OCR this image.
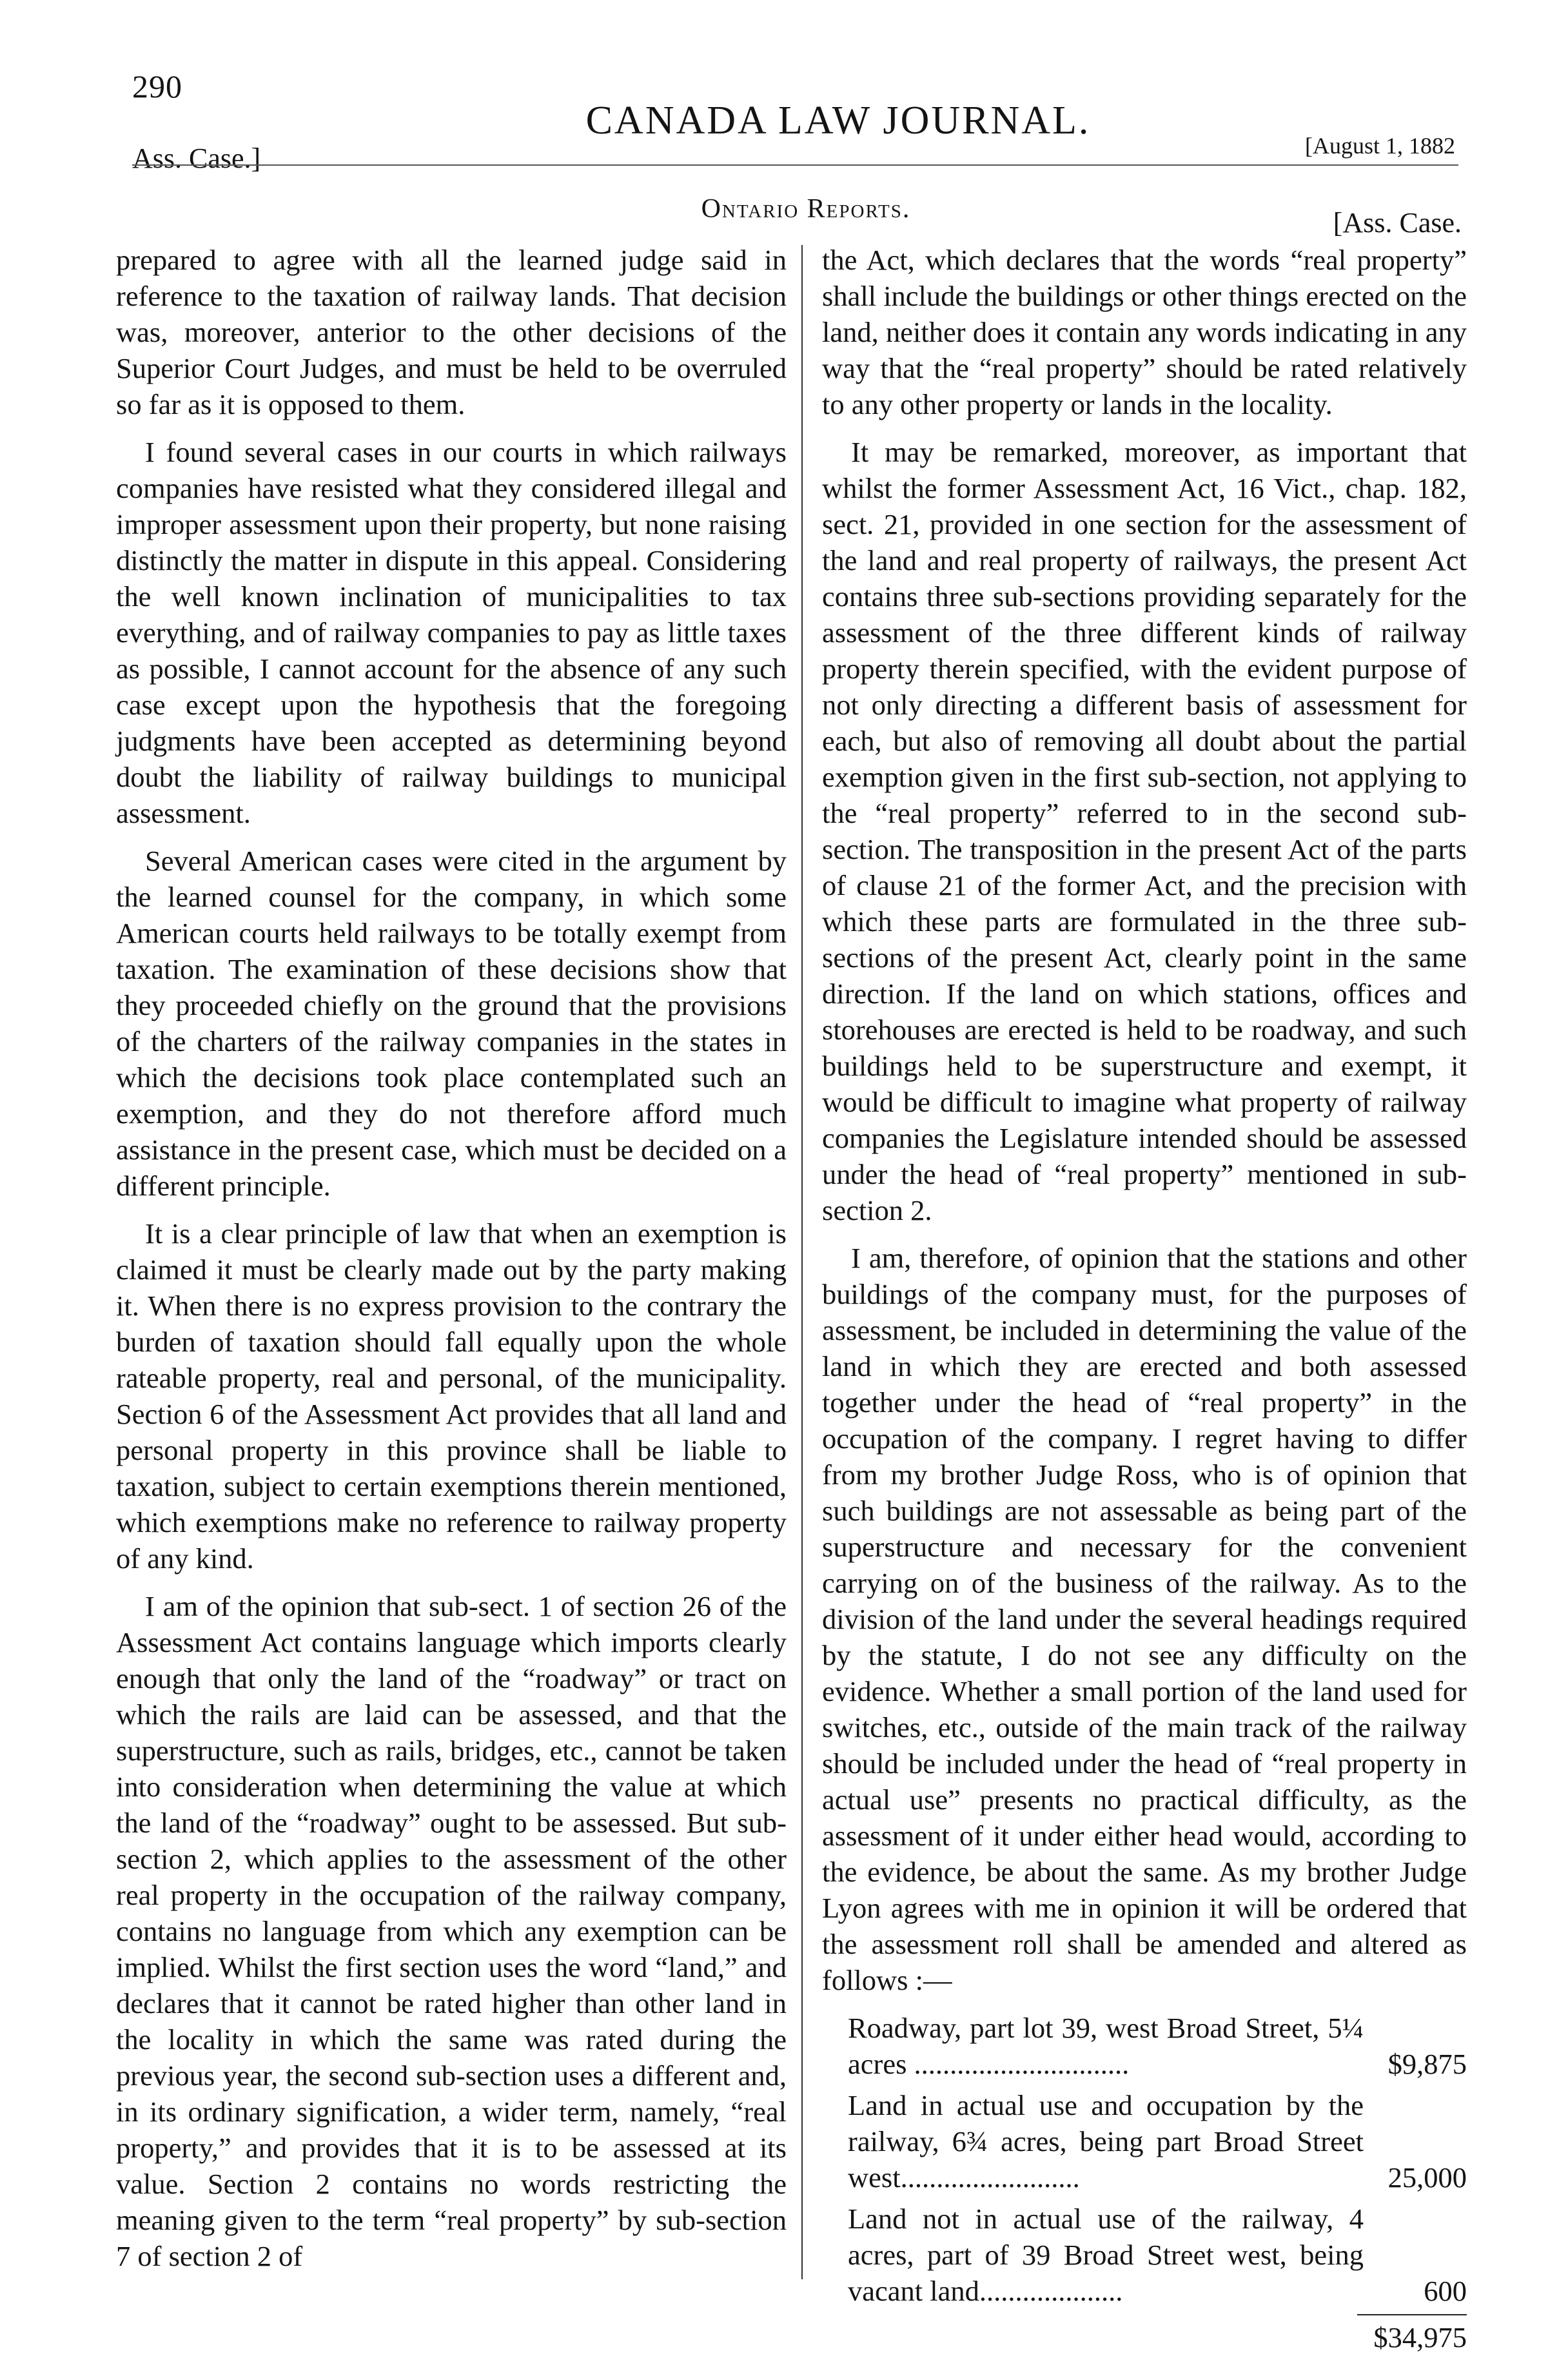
290
CANADA LAW JOURNAL.
Ass. Case.]	[August 1, 1882
Ontario Reports.	[Ass. Case.

prepared to agree with all the learned judge said in reference to the taxation of railway lands. That decision was, moreover, anterior to the other decisions of the Superior Court Judges, and must be held to be overruled so far as it is opposed to them.

I found several cases in our courts in which railways companies have resisted what they considered illegal and improper assessment upon their property, but none raising distinctly the matter in dispute in this appeal. Considering the well known inclination of municipalities to tax everything, and of railway companies to pay as little taxes as possible, I cannot account for the absence of any such case except upon the hypothesis that the foregoing judgments have been accepted as determining beyond doubt the liability of railway buildings to municipal assessment.

Several American cases were cited in the argument by the learned counsel for the company, in which some American courts held railways to be totally exempt from taxation. The examination of these decisions show that they proceeded chiefly on the ground that the provisions of the charters of the railway companies in the states in which the decisions took place contemplated such an exemption, and they do not therefore afford much assistance in the present case, which must be decided on a different principle.

It is a clear principle of law that when an exemption is claimed it must be clearly made out by the party making it. When there is no express provision to the contrary the burden of taxation should fall equally upon the whole rateable property, real and personal, of the municipality. Section 6 of the Assessment Act provides that all land and personal property in this province shall be liable to taxation, subject to certain exemptions therein mentioned, which exemptions make no reference to railway property of any kind.

I am of the opinion that sub-sect. 1 of section 26 of the Assessment Act contains language which imports clearly enough that only the land of the “roadway” or tract on which the rails are laid can be assessed, and that the superstructure, such as rails, bridges, etc., cannot be taken into consideration when determining the value at which the land of the “roadway” ought to be assessed. But sub-section 2, which applies to the assessment of the other real property in the occupation of the railway company, contains no language from which any exemption can be implied. Whilst the first section uses the word “land,” and declares that it cannot be rated higher than other land in the locality in which the same was rated during the previous year, the second sub-section uses a different and, in its ordinary signification, a wider term, namely, “real property,” and provides that it is to be assessed at its value. Section 2 contains no words restricting the meaning given to the term “real property” by sub-section 7 of section 2 of

the Act, which declares that the words “real property” shall include the buildings or other things erected on the land, neither does it contain any words indicating in any way that the “real property” should be rated relatively to any other property or lands in the locality.

It may be remarked, moreover, as important that whilst the former Assessment Act, 16 Vict., chap. 182, sect. 21, provided in one section for the assessment of the land and real property of railways, the present Act contains three sub-sections providing separately for the assessment of the three different kinds of railway property therein specified, with the evident purpose of not only directing a different basis of assessment for each, but also of removing all doubt about the partial exemption given in the first sub-section, not applying to the “real property” referred to in the second sub-section. The transposition in the present Act of the parts of clause 21 of the former Act, and the precision with which these parts are formulated in the three sub-sections of the present Act, clearly point in the same direction. If the land on which stations, offices and storehouses are erected is held to be roadway, and such buildings held to be superstructure and exempt, it would be difficult to imagine what property of railway companies the Legislature intended should be assessed under the head of “real property” mentioned in sub-section 2.

I am, therefore, of opinion that the stations and other buildings of the company must, for the purposes of assessment, be included in determining the value of the land in which they are erected and both assessed together under the head of “real property” in the occupation of the company. I regret having to differ from my brother Judge Ross, who is of opinion that such buildings are not assessable as being part of the superstructure and necessary for the convenient carrying on of the business of the railway. As to the division of the land under the several headings required by the statute, I do not see any difficulty on the evidence. Whether a small portion of the land used for switches, etc., outside of the main track of the railway should be included under the head of “real property in actual use” presents no practical difficulty, as the assessment of it under either head would, according to the evidence, be about the same. As my brother Judge Lyon agrees with me in opinion it will be ordered that the assessment roll shall be amended and altered as follows :—

Roadway, part lot 39, west Broad Street, 5¼ acres ..............................	$9,875
Land in actual use and occupation by the railway, 6¾ acres, being part Broad Street west.........................	25,000
Land not in actual use of the railway, 4 acres, part of 39 Broad Street west, being vacant land....................	600
$34,975
